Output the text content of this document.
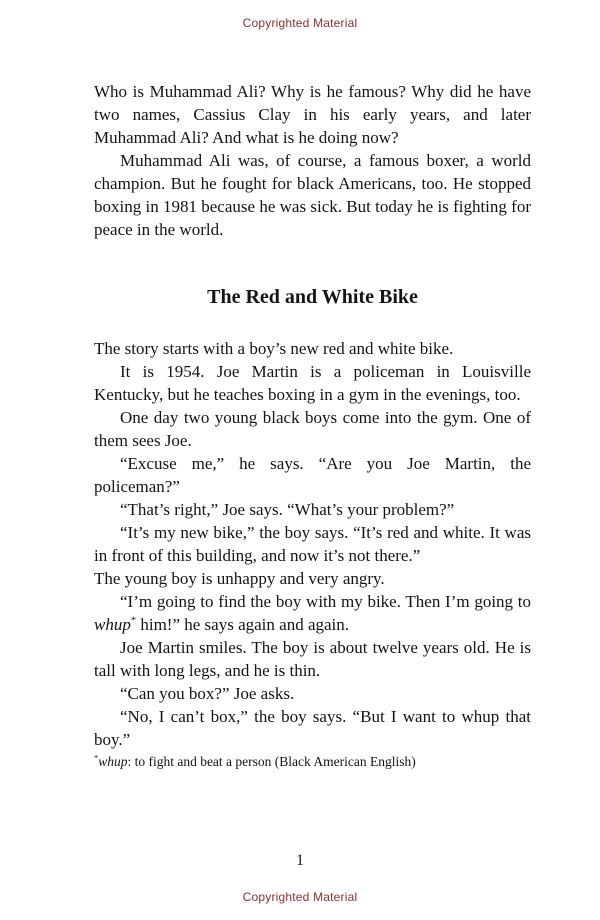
Copyrighted Material

Who is Muhammad Ali? Why is he famous? Why did he have two names, Cassius Clay in his early years, and later Muhammad Ali? And what is he doing now?

Muhammad Ali was, of course, a famous boxer, a world champion. But he fought for black Americans, too. He stopped boxing in 1981 because he was sick. But today he is fighting for peace in the world.

The Red and White Bike

The story starts with a boy’s new red and white bike.

It is 1954. Joe Martin is a policeman in Louisville Kentucky, but he teaches boxing in a gym in the evenings, too.

One day two young black boys come into the gym. One of them sees Joe.

“Excuse me,” he says. “Are you Joe Martin, the policeman?”

“That’s right,” Joe says. “What’s your problem?”

“It’s my new bike,” the boy says. “It’s red and white. It was in front of this building, and now it’s not there.”

The young boy is unhappy and very angry.

“I’m going to find the boy with my bike. Then I’m going to whup* him!” he says again and again.

Joe Martin smiles. The boy is about twelve years old. He is tall with long legs, and he is thin.

“Can you box?” Joe asks.

“No, I can’t box,” the boy says. “But I want to whup that boy.”

*whup: to fight and beat a person (Black American English)

1
Copyrighted Material
